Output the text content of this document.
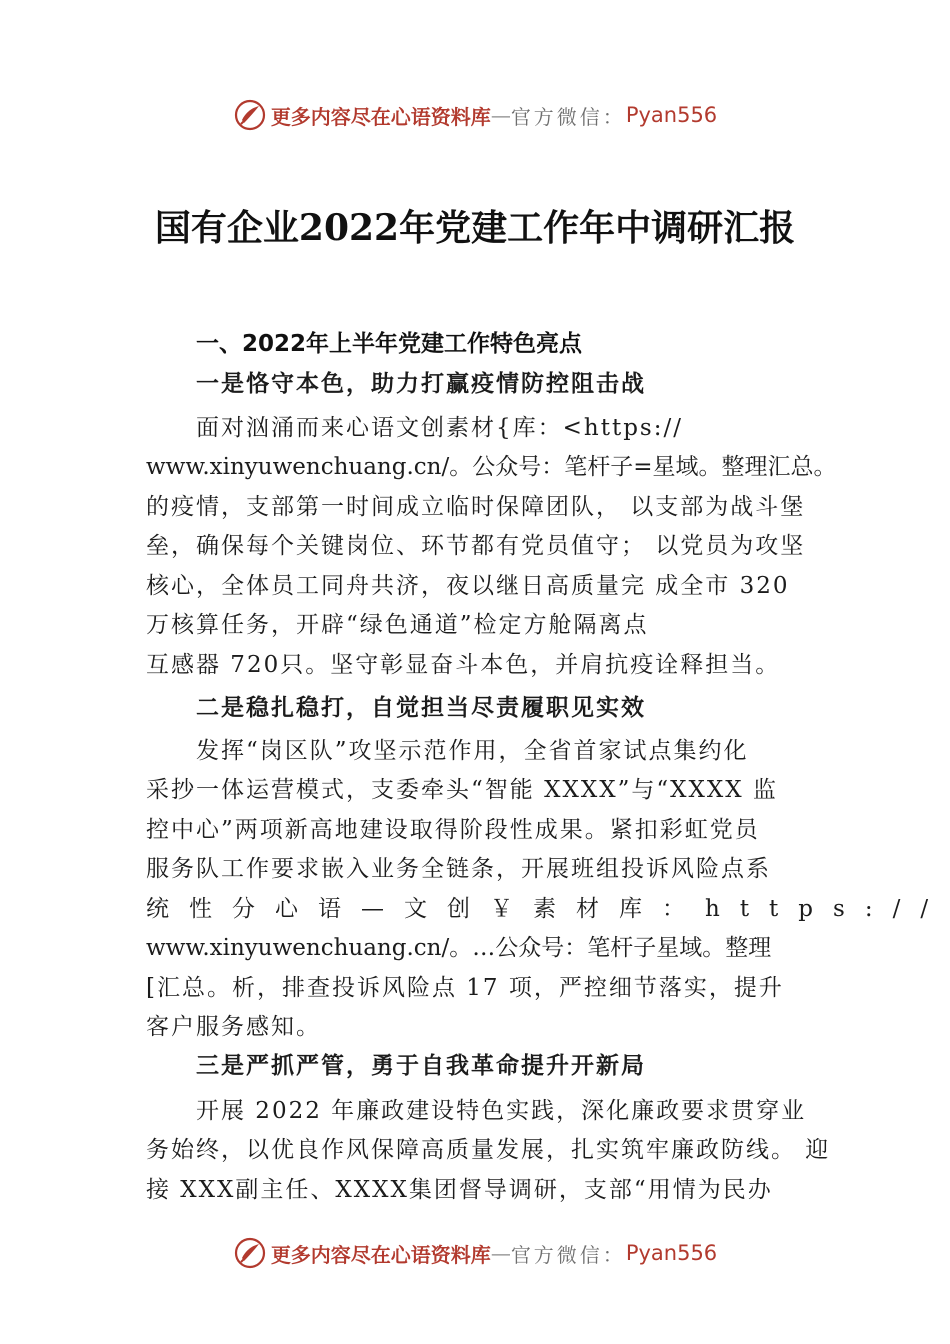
更多内容尽在心语资料库 — 官方微信： Pyan556
国有企业2022年党建工作年中调研汇报
一、2022年上半年党建工作特色亮点
一是恪守本色，助力打赢疫情防控阻击战
面对汹涌而来心语文创素材{库：<https://
www.xinyuwenchuang.cn/。公众号：笔杆子=星域。整理汇总。
的疫情，支部第一时间成立临时保障团队， 以支部为战斗堡
垒，确保每个关键岗位、环节都有党员值守； 以党员为攻坚
核心，全体员工同舟共济，夜以继日高质量完 成全市 320
万核算任务，开辟“绿色通道”检定方舱隔离点
互感器 720只。坚守彰显奋斗本色，并肩抗疫诠释担当。
二是稳扎稳打，自觉担当尽责履职见实效
发挥“岗区队”攻坚示范作用，全省首家试点集约化
采抄一体运营模式，支委牵头“智能 XXXX”与“XXXX 监
控中心”两项新高地建设取得阶段性成果。紧扣彩虹党员
服务队工作要求嵌入业务全链条，开展班组投诉风险点系
统性分心语—文创￥素材库：https://
www.xinyuwenchuang.cn/。…公众号：笔杆子星域。整理
[汇总。析，排查投诉风险点 17 项，严控细节落实，提升
客户服务感知。
三是严抓严管，勇于自我革命提升开新局
开展 2022 年廉政建设特色实践，深化廉政要求贯穿业
务始终，以优良作风保障高质量发展，扎实筑牢廉政防线。 迎
接 XXX副主任、XXXX集团督导调研，支部“用情为民办
更多内容尽在心语资料库 — 官方微信： Pyan556
